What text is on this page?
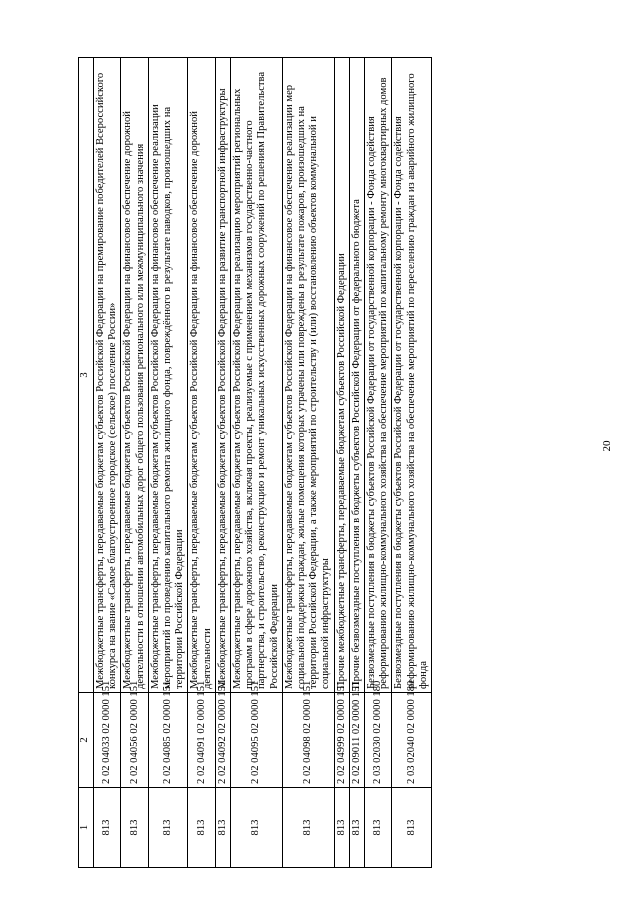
20
1	2	3
813	2 02 04033 02 0000 151	Межбюджетные трансферты, передаваемые бюджетам субъектов Российской Федерации на премирование победителей Всероссийского конкурса на звание «Самое благоустроенное городское (сельское) поселение России»
813	2 02 04056 02 0000 151	Межбюджетные трансферты, передаваемые бюджетам субъектов Российской Федерации на финансовое обеспечение дорожной деятельности в отношении автомобильных дорог общего пользования регионального или межмуниципального значения
813	2 02 04085 02 0000 151	Межбюджетные трансферты, передаваемые бюджетам субъектов Российской Федерации на финансовое обеспечение реализации мероприятий по проведению капитального ремонта жилищного фонда, повреждённого в результате паводков, произошедших на территории Российской Федерации
813	2 02 04091 02 0000 151	Межбюджетные трансферты, передаваемые бюджетам субъектов Российской Федерации на финансовое обеспечение дорожной деятельности
813	2 02 04092 02 0000 151	Межбюджетные трансферты, передаваемые бюджетам субъектов Российской Федерации на развитие транспортной инфраструктуры
813	2 02 04095 02 0000 151	Межбюджетные трансферты, передаваемые бюджетам субъектов Российской Федерации на реализацию мероприятий региональных программ в сфере дорожного хозяйства, включая проекты, реализуемые с применением механизмов государственно-частного партнерства, и строительство, реконструкцию и ремонт уникальных искусственных дорожных сооружений по решениям Правительства Российской Федерации
813	2 02 04098 02 0000 151	Межбюджетные трансферты, передаваемые бюджетам субъектов Российской Федерации на финансовое обеспечение реализации мер социальной поддержки граждан, жилые помещения которых утрачены или повреждены в результате пожаров, произошедших на территории Российской Федерации, а также мероприятий по строительству и (или) восстановлению объектов коммунальной и социальной инфраструктуры
813	2 02 04999 02 0000 151	Прочие межбюджетные трансферты, передаваемые бюджетам субъектов Российской Федерации
813	2 02 09011 02 0000 151	Прочие безвозмездные поступления в бюджеты субъектов Российской Федерации от федерального бюджета
813	2 03 02030 02 0000 180	Безвозмездные поступления в бюджеты субъектов Российской Федерации от государственной корпорации - Фонда содействия реформированию жилищно-коммунального хозяйства на обеспечение мероприятий по капитальному ремонту многоквартирных домов
813	2 03 02040 02 0000 180	Безвозмездные поступления в бюджеты субъектов Российской Федерации от государственной корпорации - Фонда содействия реформированию жилищно-коммунального хозяйства на обеспечение мероприятий по переселению граждан из аварийного жилищного фонда
